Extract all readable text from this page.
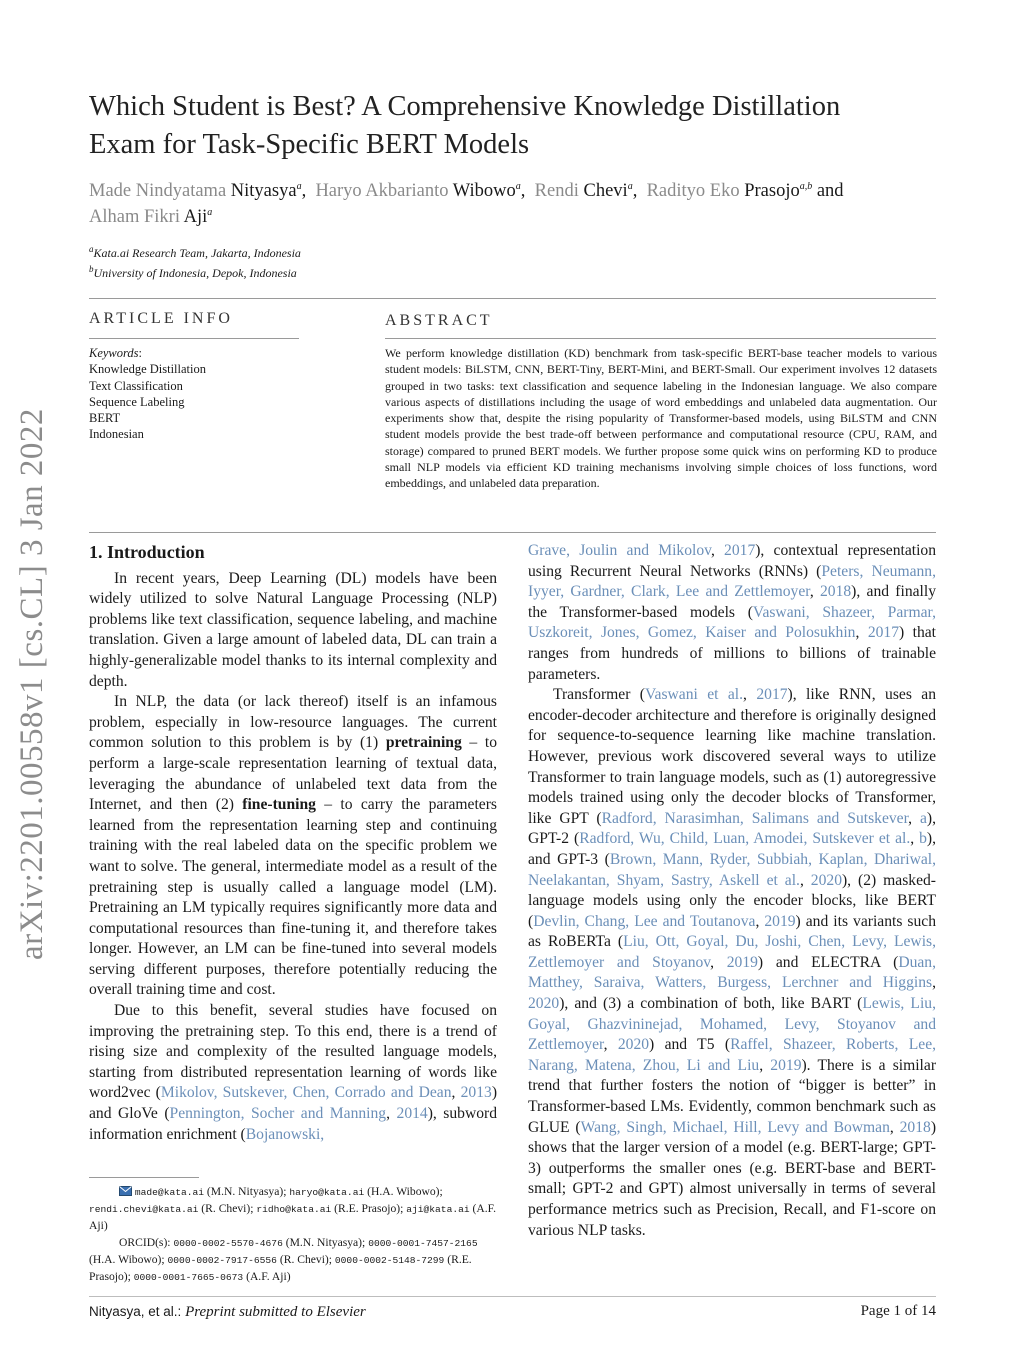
arXiv:2201.00558v1 [cs.CL] 3 Jan 2022
Which Student is Best? A Comprehensive Knowledge Distillation
Exam for Task-Specific BERT Models
Made Nindyatama Nityasya$^a$,  Haryo Akbarianto Wibowo$^a$,  Rendi Chevi$^a$,  Radityo Eko Prasojo$^{a,b}$ and
Alham Fikri Aji$^a$
$^a$Kata.ai Research Team, Jakarta, Indonesia
$^b$University of Indonesia, Depok, Indonesia
ARTICLE INFO
Keywords:
Knowledge Distillation
Text Classification
Sequence Labeling
BERT
Indonesian
ABSTRACT
We perform knowledge distillation (KD) benchmark from task-specific BERT-base teacher models to various student models: BiLSTM, CNN, BERT-Tiny, BERT-Mini, and BERT-Small. Our experiment involves 12 datasets grouped in two tasks: text classification and sequence labeling in the Indonesian language. We also compare various aspects of distillations including the usage of word embeddings and unlabeled data augmentation. Our experiments show that, despite the rising popularity of Transformer-based models, using BiLSTM and CNN student models provide the best trade-off between performance and computational resource (CPU, RAM, and storage) compared to pruned BERT models. We further propose some quick wins on performing KD to produce small NLP models via efficient KD training mechanisms involving simple choices of loss functions, word embeddings, and unlabeled data preparation.
1. Introduction

In recent years, Deep Learning (DL) models have been widely utilized to solve Natural Language Processing (NLP) problems like text classification, sequence labeling, and machine translation. Given a large amount of labeled data, DL can train a highly-generalizable model thanks to its internal complexity and depth.

In NLP, the data (or lack thereof) itself is an infamous problem, especially in low-resource languages. The current common solution to this problem is by (1) pretraining – to perform a large-scale representation learning of textual data, leveraging the abundance of unlabeled text data from the Internet, and then (2) fine-tuning – to carry the parameters learned from the representation learning step and continuing training with the real labeled data on the specific problem we want to solve. The general, intermediate model as a result of the pretraining step is usually called a language model (LM). Pretraining an LM typically requires significantly more data and computational resources than fine-tuning it, and therefore takes longer. However, an LM can be fine-tuned into several models serving different purposes, therefore potentially reducing the overall training time and cost.

Due to this benefit, several studies have focused on improving the pretraining step. To this end, there is a trend of rising size and complexity of the resulted language models, starting from distributed representation learning of words like word2vec (Mikolov, Sutskever, Chen, Corrado and Dean, 2013) and GloVe (Pennington, Socher and Manning, 2014), subword information enrichment (Bojanowski,

made@kata.ai (M.N. Nityasya); haryo@kata.ai (H.A. Wibowo); rendi.chevi@kata.ai (R. Chevi); ridho@kata.ai (R.E. Prasojo); aji@kata.ai (A.F. Aji)

ORCID(s): 0000-0002-5570-4676 (M.N. Nityasya); 0000-0001-7457-2165 (H.A. Wibowo); 0000-0002-7917-6556 (R. Chevi); 0000-0002-5148-7299 (R.E. Prasojo); 0000-0001-7665-0673 (A.F. Aji)

Grave, Joulin and Mikolov, 2017), contextual representation using Recurrent Neural Networks (RNNs) (Peters, Neumann, Iyyer, Gardner, Clark, Lee and Zettlemoyer, 2018), and finally the Transformer-based models (Vaswani, Shazeer, Parmar, Uszkoreit, Jones, Gomez, Kaiser and Polosukhin, 2017) that ranges from hundreds of millions to billions of trainable parameters.

Transformer (Vaswani et al., 2017), like RNN, uses an encoder-decoder architecture and therefore is originally designed for sequence-to-sequence learning like machine translation. However, previous work discovered several ways to utilize Transformer to train language models, such as (1) autoregressive models trained using only the decoder blocks of Transformer, like GPT (Radford, Narasimhan, Salimans and Sutskever, a), GPT-2 (Radford, Wu, Child, Luan, Amodei, Sutskever et al., b), and GPT-3 (Brown, Mann, Ryder, Subbiah, Kaplan, Dhariwal, Neelakantan, Shyam, Sastry, Askell et al., 2020), (2) masked-language models using only the encoder blocks, like BERT (Devlin, Chang, Lee and Toutanova, 2019) and its variants such as RoBERTa (Liu, Ott, Goyal, Du, Joshi, Chen, Levy, Lewis, Zettlemoyer and Stoyanov, 2019) and ELECTRA (Duan, Matthey, Saraiva, Watters, Burgess, Lerchner and Higgins, 2020), and (3) a combination of both, like BART (Lewis, Liu, Goyal, Ghazvininejad, Mohamed, Levy, Stoyanov and Zettlemoyer, 2020) and T5 (Raffel, Shazeer, Roberts, Lee, Narang, Matena, Zhou, Li and Liu, 2019). There is a similar trend that further fosters the notion of “bigger is better” in Transformer-based LMs. Evidently, common benchmark such as GLUE (Wang, Singh, Michael, Hill, Levy and Bowman, 2018) shows that the larger version of a model (e.g. BERT-large; GPT-3) outperforms the smaller ones (e.g. BERT-base and BERT-small; GPT-2 and GPT) almost universally in terms of several performance metrics such as Precision, Recall, and F1-score on various NLP tasks.

Nityasya, et al.: Preprint submitted to Elsevier	Page 1 of 14
